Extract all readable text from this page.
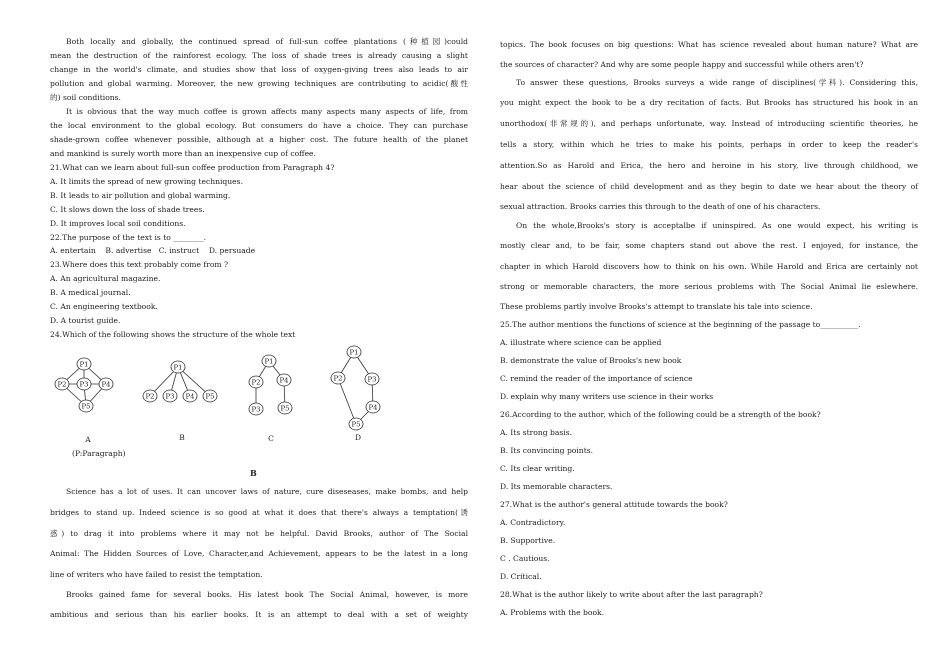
Both locally and globally, the continued spread of full-sun coffee plantations (种植园)could
mean the destruction of the rainforest ecology. The loss of shade trees is already causing a slight
change in the world's climate, and studies show that loss of oxygen-giving trees also leads to air
pollution and global warming. Moreover, the new growing techniques are contributing to acidic(酸性
的) soil conditions.
It is obvious that the way much coffee is grown affects many aspects many aspects of life, from
the local environment to the global ecology. But consumers do have a choice. They can purchase
shade-grown coffee whenever possible, although at a higher cost. The future health of the planet
and mankind is surely worth more than an inexpensive cup of coffee.
21.What can we learn about full-sun coffee production from Paragraph 4?
A. It limits the spread of new growing techniques.
B. It leads to air pollution and global warming.
C. It slows down the loss of shade trees.
D. It improves local soil conditions.
22.The purpose of the text is to ________.
A. entertain    B. advertise   C. instruct    D. persuade
23.Where does this text probably come from ?
A. An agricultural magazine.
B. A medical journal.
C. An engineering textbook.
D. A tourist guide.
24.Which of the following shows the structure of the whole text
P1
P2 P3 P4
P5
P1
P2 P3 P4 P5
P1
P2	P4
P3	P5
P1
P2	P3
P4
P5
A	B	C	D
(P:Paragraph)
B
Science has a lot of uses. It can uncover laws of nature, cure diseseases, make bombs, and help
bridges to stand up. Indeed science is so good at what it does that there's always a temptation(诱
惑) to drag it into problems where it may not be helpful. David Brooks, author of The Social
Animal: The Hidden Sources of Love, Character,and Achievement, appears to be the latest in a long
line of writers who have failed to resist the temptation.
Brooks gained fame for several books. His latest book The Social Animal, however, is more
ambitious and serious than his earlier books. It is an attempt to deal with a set of weighty
topics. The book focuses on big questions: What has science revealed about human nature? What are
the sources of character? And why are some people happy and successful while others aren't?
To answer these questions, Brooks surveys a wide range of disciplines(学科). Considering this,
you might expect the book to be a dry recitation of facts. But Brooks has structured his book in an
unorthodox(非常规的), and perhaps unfortunate, way. Instead of introduciing scientific theories, he
tells a story, within which he tries to make his points, perhaps in order to keep the reader's
attention.So as Harold and Erica, the hero and heroine in his story, live through childhood, we
hear about the science of child development and as they begin to date we hear about the theory of
sexual attraction. Brooks carries this through to the death of one of his characters.
On the whole,Brooks's story is acceptalbe if uninspired. As one would expect, his writing is
mostly clear and, to be fair, some chapters stand out above the rest. I enjoyed, for instance, the
chapter in which Harold discovers how to think on his own. While Harold and Erica are certainly not
strong or memorable characters, the more serious problems with The Social Animal lie eslewhere.
These problems partly involve Brooks's attempt to translate his tale into science.
25.The author mentions the functions of science at the beginning of the passage to__________.
A. illustrate where science can be applied
B. demonstrate the value of Brooks's new book
C. remind the reader of the importance of science
D. explain why many writers use science in their works
26.According to the author, which of the following could be a strength of the book?
A. Its strong basis.
B. Its convincing points.
C. Its clear writing.
D. Its memorable characters.
27.What is the author's general attitude towards the book?
A. Contradictory.
B. Supportive.
C . Cautious.
D. Critical.
28.What is the author likely to write about after the last paragraph?
A. Problems with the book.
